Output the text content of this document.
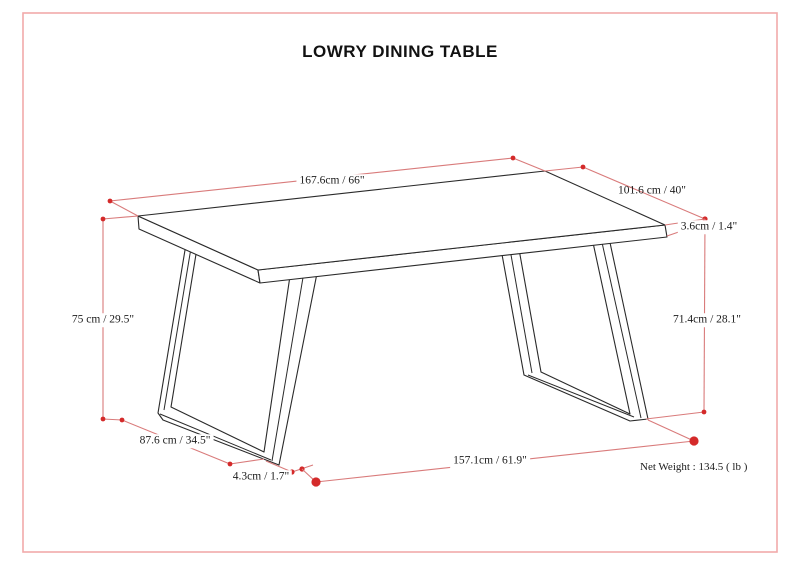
LOWRY DINING TABLE
167.6cm / 66"
101.6 cm / 40"
3.6cm / 1.4"
75 cm / 29.5"	71.4cm / 28.1"
87.6 cm / 34.5"
4.3cm / 1.7"
157.1cm / 61.9"
Net Weight : 134.5 ( lb )
